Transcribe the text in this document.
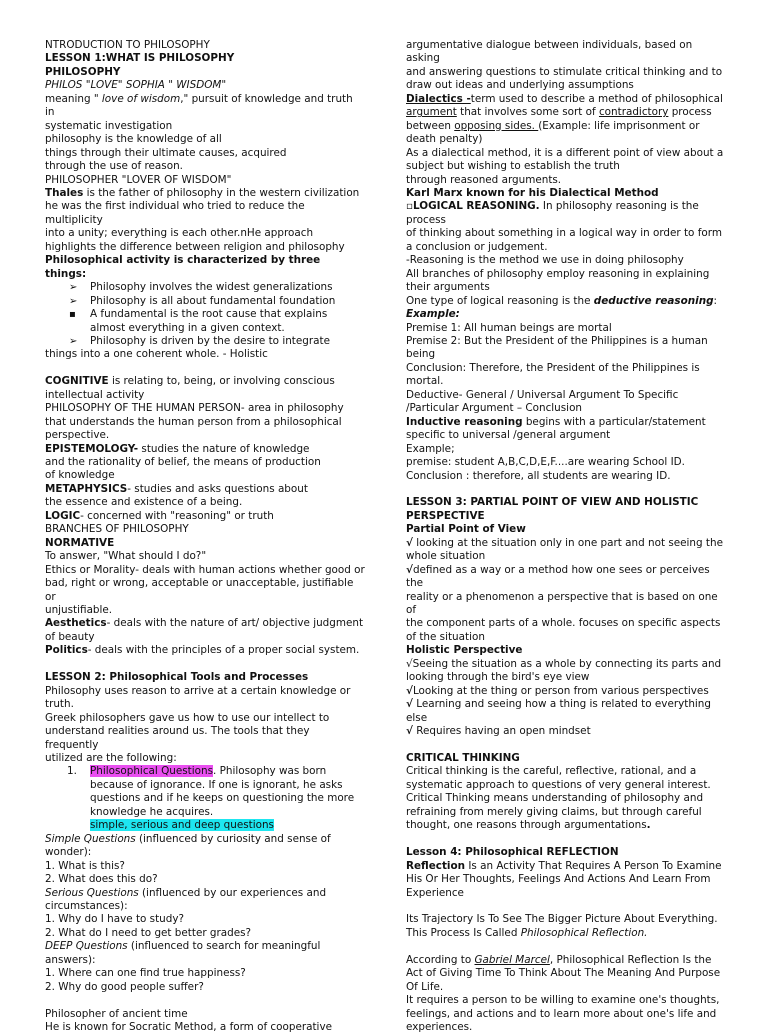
NTRODUCTION TO PHILOSOPHY

LESSON 1:WHAT IS PHILOSOPHY

PHILOSOPHY

PHILOS "LOVE" SOPHIA " WISDOM"

meaning " love of wisdom," pursuit of knowledge and truth in

systematic investigation

philosophy is the knowledge of all

things through their ultimate causes, acquired

through the use of reason.

PHILOSOPHER "LOVER OF WISDOM"

Thales is the father of philosophy in the western civilization

he was the first individual who tried to reduce the multiplicity

into a unity; everything is each other.nHe approach

highlights the difference between religion and philosophy

Philosophical activity is characterized by three

things:

➢ Philosophy involves the widest generalizations
➢ Philosophy is all about fundamental foundation
▪ A fundamental is the root cause that explains almost everything in a given context.
➢ Philosophy is driven by the desire to integrate

things into a one coherent whole. - Holistic

COGNITIVE is relating to, being, or involving conscious

intellectual activity

PHILOSOPHY OF THE HUMAN PERSON- area in philosophy

that understands the human person from a philosophical

perspective.

EPISTEMOLOGY- studies the nature of knowledge

and the rationality of belief, the means of production

of knowledge

METAPHYSICS- studies and asks questions about

the essence and existence of a being.

LOGIC- concerned with "reasoning" or truth

BRANCHES OF PHILOSOPHY

NORMATIVE

To answer, "What should I do?"

Ethics or Morality- deals with human actions whether good or

bad, right or wrong, acceptable or unacceptable, justifiable or

unjustifiable.

Aesthetics- deals with the nature of art/ objective judgment

of beauty

Politics- deals with the principles of a proper social system.

LESSON 2: Philosophical Tools and Processes

Philosophy uses reason to arrive at a certain knowledge or

truth.

Greek philosophers gave us how to use our intellect to

understand realities around us. The tools that they frequently

utilized are the following:

1. Philosophical Questions. Philosophy was born because of ignorance. If one is ignorant, he asks questions and if he keeps on questioning the more knowledge he acquires.
simple, serious and deep questions

Simple Questions (influenced by curiosity and sense of

wonder):

1. What is this?

2. What does this do?

Serious Questions (influenced by our experiences and

circumstances):

1. Why do I have to study?

2. What do I need to get better grades?

DEEP Questions (influenced to search for meaningful

answers):

1. Where can one find true happiness?

2. Why do good people suffer?

Philosopher of ancient time

He is known for Socratic Method, a form of cooperative

argumentative dialogue between individuals, based on asking

and answering questions to stimulate critical thinking and to

draw out ideas and underlying assumptions

Dialectics -term used to describe a method of philosophical

argument that involves some sort of contradictory process

between opposing sides. (Example: life imprisonment or

death penalty)

As a dialectical method, it is a different point of view about a

subject but wishing to establish the truth

through reasoned arguments.

Karl Marx known for his Dialectical Method

▫LOGICAL REASONING. In philosophy reasoning is the process

of thinking about something in a logical way in order to form

a conclusion or judgement.

-Reasoning is the method we use in doing philosophy

All branches of philosophy employ reasoning in explaining

their arguments

One type of logical reasoning is the deductive reasoning:

Example:

Premise 1: All human beings are mortal

Premise 2: But the President of the Philippines is a human

being

Conclusion: Therefore, the President of the Philippines is

mortal.

Deductive- General / Universal Argument To Specific

/Particular Argument – Conclusion

Inductive reasoning begins with a particular/statement

specific to universal /general argument

Example;

premise: student A,B,C,D,E,F....are wearing School ID.

Conclusion : therefore, all students are wearing ID.

LESSON 3: PARTIAL POINT OF VIEW AND HOLISTIC

PERSPECTIVE

Partial Point of View

√ looking at the situation only in one part and not seeing the

whole situation

√defined as a way or a method how one sees or perceives the

reality or a phenomenon a perspective that is based on one of

the component parts of a whole. focuses on specific aspects

of the situation

Holistic Perspective

√Seeing the situation as a whole by connecting its parts and

looking through the bird's eye view

√Looking at the thing or person from various perspectives

√ Learning and seeing how a thing is related to everything

else

√ Requires having an open mindset

CRITICAL THINKING

Critical thinking is the careful, reflective, rational, and a

systematic approach to questions of very general interest.

Critical Thinking means understanding of philosophy and

refraining from merely giving claims, but through careful

thought, one reasons through argumentations.

Lesson 4: Philosophical REFLECTION

Reflection Is an Activity That Requires A Person To Examine

His Or Her Thoughts, Feelings And Actions And Learn From

Experience

Its Trajectory Is To See The Bigger Picture About Everything.

This Process Is Called Philosophical Reflection.

According to Gabriel Marcel, Philosophical Reflection Is the

Act of Giving Time To Think About The Meaning And Purpose

Of Life.

It requires a person to be willing to examine one's thoughts,

feelings, and actions and to learn more about one's life and

experiences.
